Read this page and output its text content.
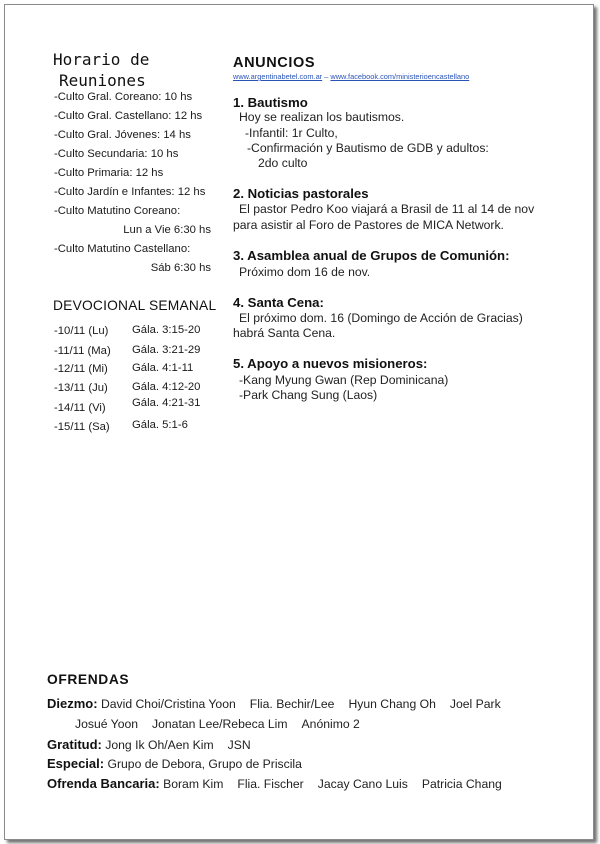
Horario de
Reuniones
-Culto Gral. Coreano: 10 hs
-Culto Gral. Castellano: 12 hs
-Culto Gral. Jóvenes: 14 hs
-Culto Secundaria: 10 hs
-Culto Primaria: 12 hs
-Culto Jardín e Infantes: 12 hs
-Culto Matutino Coreano:
Lun a Vie 6:30 hs
-Culto Matutino Castellano:
Sáb 6:30 hs
DEVOCIONAL SEMANAL
-10/11 (Lu) Gála. 3:15-20
-11/11 (Ma) Gála. 3:21-29
-12/11 (Mi) Gála. 4:1-11
-13/11 (Ju) Gála. 4:12-20
-14/11 (Vi) Gála. 4:21-31
-15/11 (Sa) Gála. 5:1-6
ANUNCIOS
www.argentinabetel.com.ar – www.facebook.com/ministerioencastellano
1. Bautismo
Hoy se realizan los bautismos.
-Infantil: 1r Culto,
-Confirmación y Bautismo de GDB y adultos:
2do culto
2. Noticias pastorales
El pastor Pedro Koo viajará a Brasil de 11 al 14 de nov
para asistir al Foro de Pastores de MICA Network.
3. Asamblea anual de Grupos de Comunión:
Próximo dom 16 de nov.
4. Santa Cena:
El próximo dom. 16 (Domingo de Acción de Gracias)
habrá Santa Cena.
5. Apoyo a nuevos misioneros:
-Kang Myung Gwan (Rep Dominicana)
-Park Chang Sung (Laos)
OFRENDAS
Diezmo: David Choi/Cristina Yoon Flia. Bechir/Lee Hyun Chang Oh Joel Park
Josué Yoon Jonatan Lee/Rebeca Lim Anónimo 2
Gratitud: Jong Ik Oh/Aen Kim JSN
Especial: Grupo de Debora, Grupo de Priscila
Ofrenda Bancaria: Boram Kim Flia. Fischer Jacay Cano Luis Patricia Chang
